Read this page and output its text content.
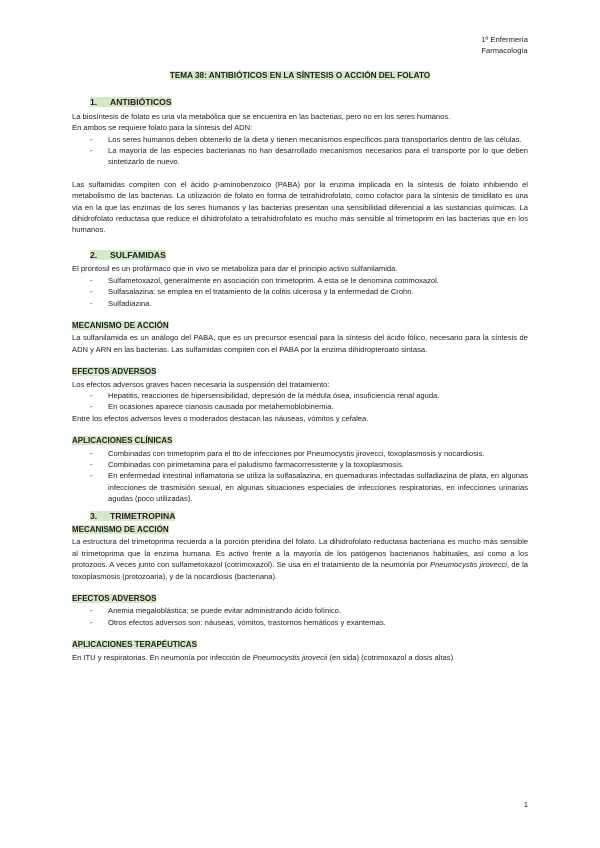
1º Enfermería
Farmacología
TEMA 38: ANTIBIÓTICOS EN LA SÍNTESIS O ACCIÓN DEL FOLATO
1. ANTIBIÓTICOS

La biosíntesis de folato es una vía metabólica que se encuentra en las bacterias, pero no en los seres humanos.

En ambos se requiere folato para la síntesis del ADN:

- Los seres humanos deben obtenerlo de la dieta y tienen mecanismos específicos para transportarlos dentro de las células.
- La mayoría de las especies bacterianas no han desarrollado mecanismos necesarios para el transporte por lo que deben sintetizarlo de nuevo.

Las sulfamidas compiten con el ácido p-aminobenzoico (PABA) por la enzima implicada en la síntesis de folato inhibiendo el metabolismo de las bacterias. La utilización de folato en forma de tetrahidrofolato, como cofactor para la síntesis de timidilato es una vía en la que las enzimas de los seres humanos y las bacterias presentan una sensibilidad diferencial a las sustancias químicas. La dihidrofolato reductasa que reduce el dihidrofolato a tetrahidrofolato es mucho más sensible al trimetoprim en las bacterias que en los humanos.

2. SULFAMIDAS

El prontosil es un profármaco que in vivo se metaboliza para dar el principio activo sulfanilamida.

- Sulfametoxazol, generalmente en asociación con trimetoprim. A esta se le denomina cotrimoxazol.
- Sulfasalazina: se emplea en el tratamiento de la colitis ulcerosa y la enfermedad de Crohn.
- Sulfadiazina.
MECANISMO DE ACCIÓN

La sulfanilamida es un análogo del PABA, que es un precursor esencial para la síntesis del ácido fólico, necesario para la síntesis de ADN y ARN en las bacterias. Las sulfamidas compiten con el PABA por la enzima dihidropteroato sintasa.

EFECTOS ADVERSOS

Los efectos adversos graves hacen necesaria la suspensión del tratamiento:

- Hepatitis, reacciones de hipersensibilidad, depresión de la médula ósea, insuficiencia renal aguda.
- En ocasiones aparece cianosis causada por metahemoblobinemia.

Entre los efectos adversos leves o moderados destacan las náuseas, vómitos y cefalea.

APLICACIONES CLÍNICAS
- Combinadas con trimetoprim para el tto de infecciones por Pneumocystis jirovecci, toxoplasmosis y nocardiosis.
- Combinadas con pirimetamina para el paludismo farmacorresistente y la toxoplasmosis.
- En enfermedad intestinal inflamatoria se utiliza la sulfasalazina, en quemaduras infectadas sulfadiazina de plata, en algunas infecciones de trasmisión sexual, en algunas situaciones especiales de infecciones respiratorias, en infecciones urinarias agudas (poco utilizadas).
3. TRIMETROPINA
MECANISMO DE ACCIÓN

La estructura del trimetoprima recuerda a la porción pteridina del folato. La dihidrofolato reductasa bacteriana es mucho más sensible al trimetoprima que la enzima humana. Es activo frente a la mayoría de los patógenos bacterianos habituales, así como a los protozoos. A veces junto con sulfametoxazol (cotrimoxazol). Se usa en el tratamiento de la neumonía por Pneumocystis jirovecci, de la toxoplasmosis (protozoaria), y de la nocardiosis (bacteriana).

EFECTOS ADVERSOS
- Anemia megaloblástica: se puede evitar administrando ácido folínico.
- Otros efectos adversos son: náuseas, vómitos, trastornos hemáticos y exantemas.
APLICACIONES TERAPÉUTICAS

En ITU y respiratorias. En neumonía por infección de Pneumocystis jirovecii (en sida) (cotrimoxazol a dosis altas)

1
